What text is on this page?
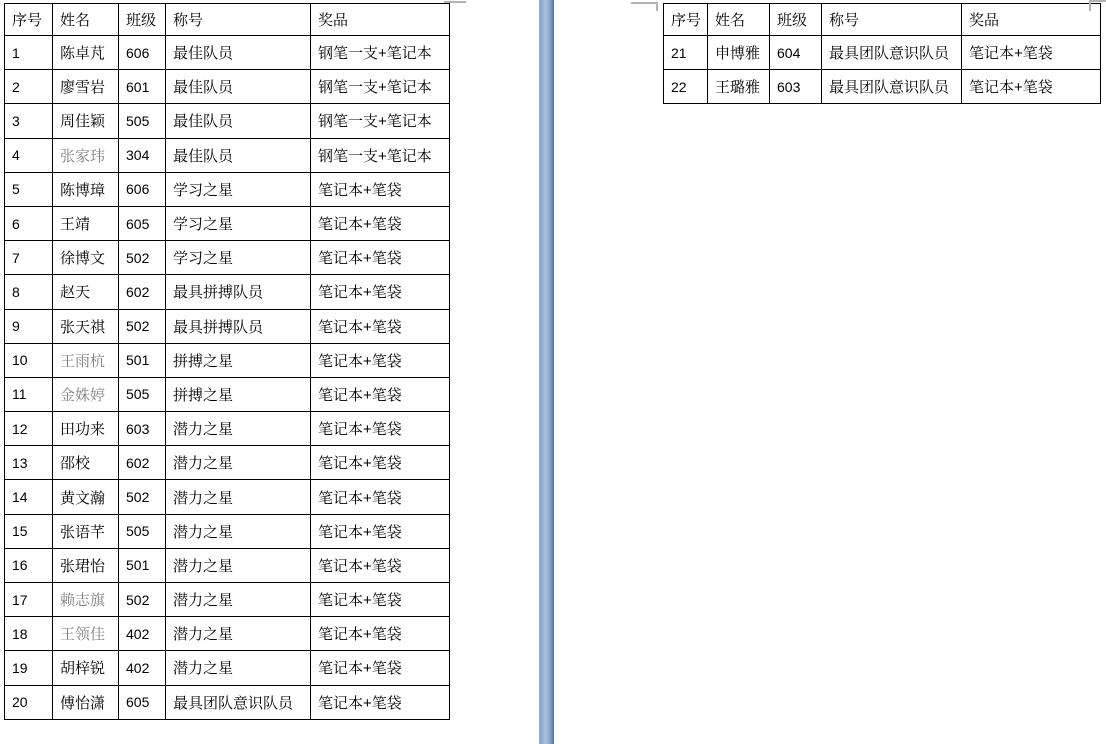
序号	姓名	班级	称号	奖品
1	陈卓芃	606	最佳队员	钢笔一支+笔记本
2	廖雪岩	601	最佳队员	钢笔一支+笔记本
3	周佳颖	505	最佳队员	钢笔一支+笔记本
4	张家玮	304	最佳队员	钢笔一支+笔记本
5	陈博璋	606	学习之星	笔记本+笔袋
6	王靖	605	学习之星	笔记本+笔袋
7	徐博文	502	学习之星	笔记本+笔袋
8	赵天	602	最具拼搏队员	笔记本+笔袋
9	张天祺	502	最具拼搏队员	笔记本+笔袋
10	王雨杭	501	拼搏之星	笔记本+笔袋
11	金姝婷	505	拼搏之星	笔记本+笔袋
12	田功来	603	潜力之星	笔记本+笔袋
13	邵校	602	潜力之星	笔记本+笔袋
14	黄文瀚	502	潜力之星	笔记本+笔袋
15	张语芊	505	潜力之星	笔记本+笔袋
16	张珺怡	501	潜力之星	笔记本+笔袋
17	赖志旗	502	潜力之星	笔记本+笔袋
18	王领佳	402	潜力之星	笔记本+笔袋
19	胡梓锐	402	潜力之星	笔记本+笔袋
20	傅怡潇	605	最具团队意识队员	笔记本+笔袋
序号	姓名	班级	称号	奖品
21	申博雅	604	最具团队意识队员	笔记本+笔袋
22	王璐雅	603	最具团队意识队员	笔记本+笔袋
